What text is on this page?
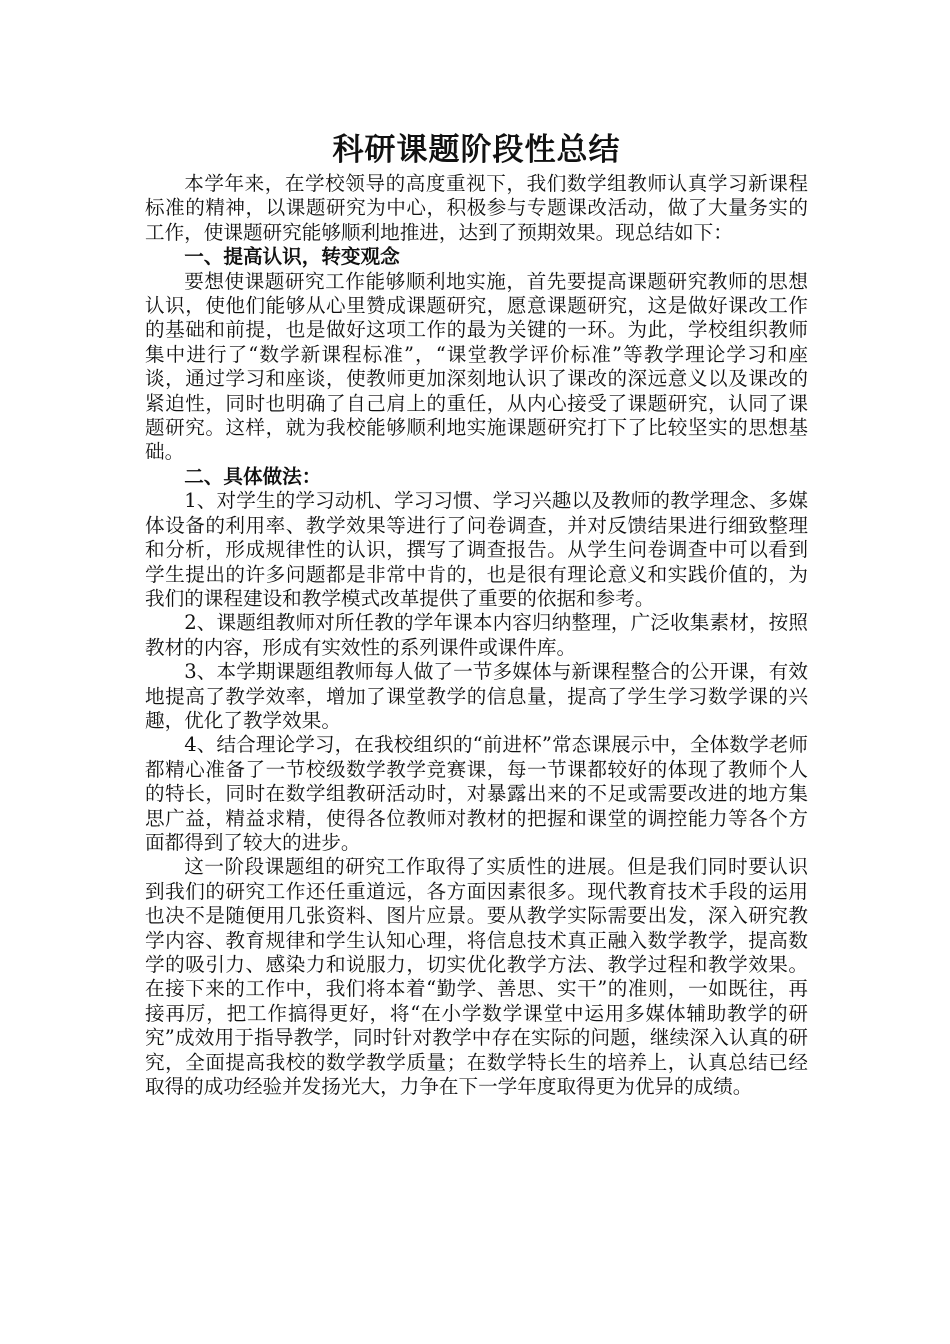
科研课题阶段性总结

本学年来，在学校领导的高度重视下，我们数学组教师认真学习新课程标准的精神，以课题研究为中心，积极参与专题课改活动，做了大量务实的工作，使课题研究能够顺利地推进，达到了预期效果。现总结如下：

一、提高认识，转变观念

要想使课题研究工作能够顺利地实施，首先要提高课题研究教师的思想认识，使他们能够从心里赞成课题研究，愿意课题研究，这是做好课改工作的基础和前提，也是做好这项工作的最为关键的一环。为此，学校组织教师集中进行了“数学新课程标准”，“课堂教学评价标准”等教学理论学习和座谈，通过学习和座谈，使教师更加深刻地认识了课改的深远意义以及课改的紧迫性，同时也明确了自己肩上的重任，从内心接受了课题研究，认同了课题研究。这样，就为我校能够顺利地实施课题研究打下了比较坚实的思想基础。

二、具体做法：

1、对学生的学习动机、学习习惯、学习兴趣以及教师的教学理念、多媒体设备的利用率、教学效果等进行了问卷调查，并对反馈结果进行细致整理和分析，形成规律性的认识，撰写了调查报告。从学生问卷调查中可以看到学生提出的许多问题都是非常中肯的，也是很有理论意义和实践价值的，为我们的课程建设和教学模式改革提供了重要的依据和参考。

2、课题组教师对所任教的学年课本内容归纳整理，广泛收集素材，按照教材的内容，形成有实效性的系列课件或课件库。

3、本学期课题组教师每人做了一节多媒体与新课程整合的公开课，有效地提高了教学效率，增加了课堂教学的信息量，提高了学生学习数学课的兴趣，优化了教学效果。

4、结合理论学习，在我校组织的“前进杯”常态课展示中，全体数学老师都精心准备了一节校级数学教学竞赛课，每一节课都较好的体现了教师个人的特长，同时在数学组教研活动时，对暴露出来的不足或需要改进的地方集思广益，精益求精，使得各位教师对教材的把握和课堂的调控能力等各个方面都得到了较大的进步。

这一阶段课题组的研究工作取得了实质性的进展。但是我们同时要认识到我们的研究工作还任重道远，各方面因素很多。现代教育技术手段的运用也决不是随便用几张资料、图片应景。要从教学实际需要出发，深入研究教学内容、教育规律和学生认知心理，将信息技术真正融入数学教学，提高数学的吸引力、感染力和说服力，切实优化教学方法、教学过程和教学效果。在接下来的工作中，我们将本着“勤学、善思、实干”的准则，一如既往，再接再厉，把工作搞得更好，将“在小学数学课堂中运用多媒体辅助教学的研究”成效用于指导教学，同时针对教学中存在实际的问题，继续深入认真的研究，全面提高我校的数学教学质量；在数学特长生的培养上，认真总结已经取得的成功经验并发扬光大，力争在下一学年度取得更为优异的成绩。
